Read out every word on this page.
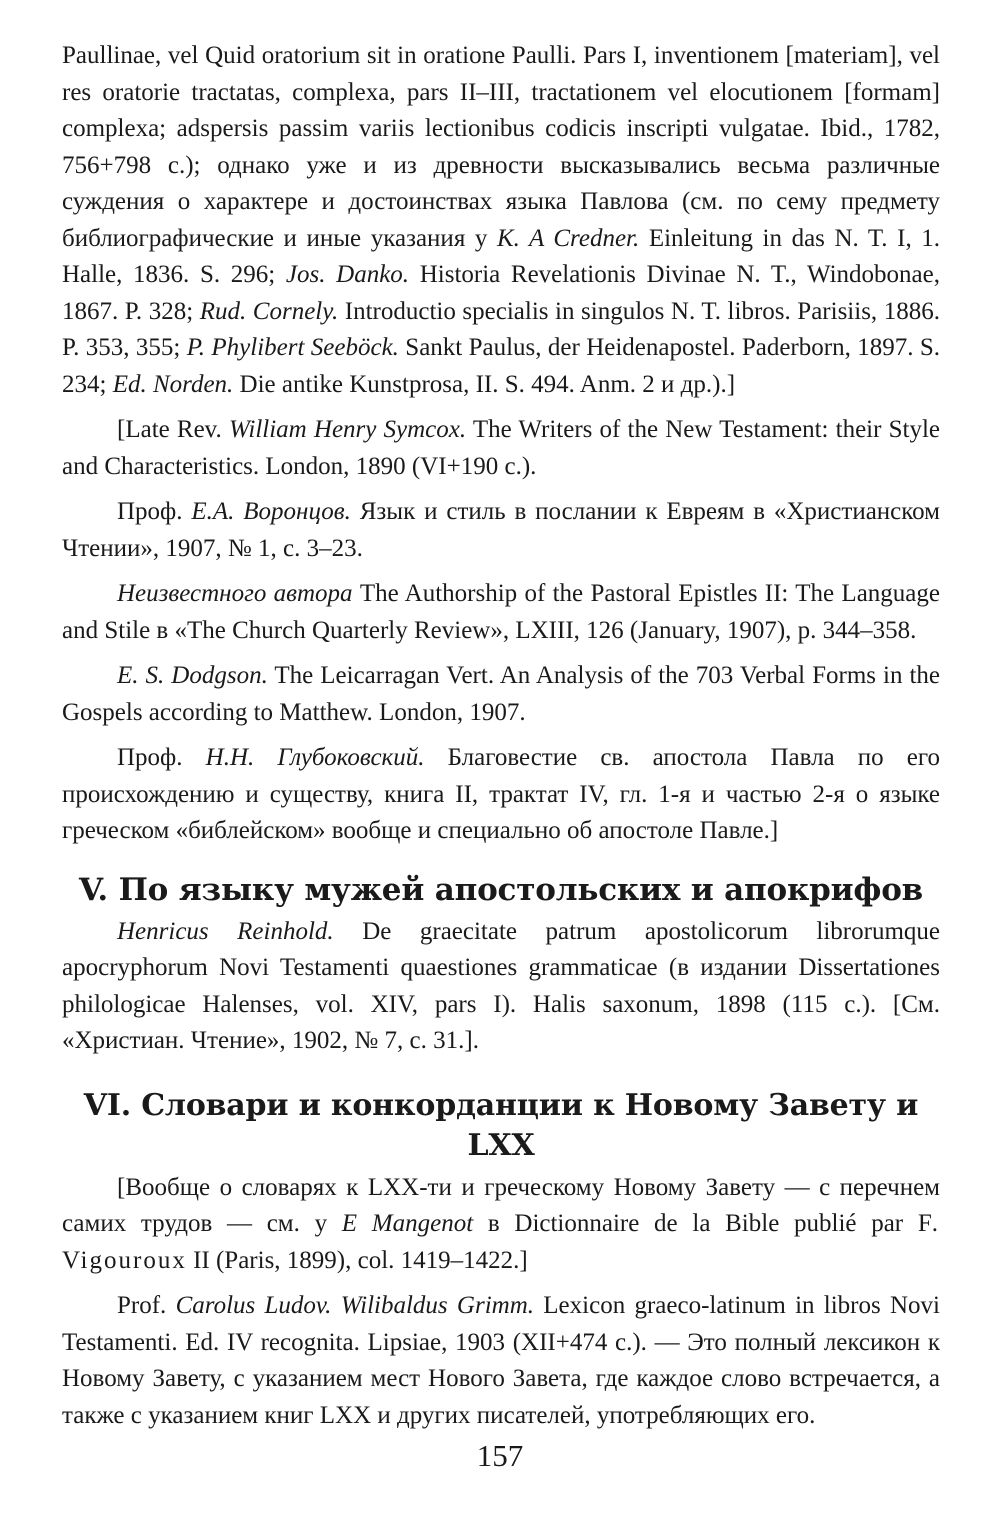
Paullinae, vel Quid oratorium sit in oratione Paulli. Pars I, inventionem [materiam], vel res oratorie tractatas, complexa, pars II–III, tractationem vel elocutionem [formam] complexa; adspersis passim variis lectionibus codicis inscripti vulgatae. Ibid., 1782, 756+798 с.); однако уже и из древности высказывались весьма различные суждения о характере и достоинствах языка Павлова (см. по сему предмету библиографические и иные указания у K. A Credner. Einleitung in das N. T. I, 1. Halle, 1836. S. 296; Jos. Danko. Historia Revelationis Divinae N. T., Windobonae, 1867. P. 328; Rud. Cornely. Introductio specialis in singulos N. T. libros. Parisiis, 1886. P. 353, 355; P. Phylibert Seeböck. Sankt Paulus, der Heidenapostel. Paderborn, 1897. S. 234; Ed. Norden. Die antike Kunstprosa, II. S. 494. Anm. 2 и др.).]

[Late Rev. William Henry Symcox. The Writers of the New Testament: their Style and Characteristics. London, 1890 (VI+190 с.).

Проф. Е.А. Воронцов. Язык и стиль в послании к Евреям в «Христианском Чтении», 1907, № 1, с. 3–23.

Неизвестного автора The Authorship of the Pastoral Epistles II: The Language and Stile в «The Church Quarterly Review», LXIII, 126 (January, 1907), p. 344–358.

E. S. Dodgson. The Leicarragan Vert. An Analysis of the 703 Verbal Forms in the Gospels according to Matthew. London, 1907.

Проф. Н.Н. Глубоковский. Благовестие св. апостола Павла по его происхождению и существу, книга II, трактат IV, гл. 1-я и частью 2-я о языке греческом «библейском» вообще и специально об апостоле Павле.]

V. По языку мужей апостольских и апокрифов

Henricus Reinhold. De graecitate patrum apostolicorum librorumque apocryphorum Novi Testamenti quaestiones grammaticae (в издании Dissertationes philologicae Halenses, vol. XIV, pars I). Halis saxonum, 1898 (115 с.). [См. «Христиан. Чтение», 1902, № 7, с. 31.].

VI. Словари и конкорданции к Новому Завету и LXX

[Вообще о словарях к LXX-ти и греческому Новому Завету — с перечнем самих трудов — см. у E Mangenot в Dictionnaire de la Bible publié par F. Vigouroux II (Paris, 1899), col. 1419–1422.]

Prof. Carolus Ludov. Wilibaldus Grimm. Lexicon graeco-latinum in libros Novi Testamenti. Ed. IV recognita. Lipsiae, 1903 (XII+474 с.). — Это полный лексикон к Новому Завету, с указанием мест Нового Завета, где каждое слово встречается, а также с указанием книг LXX и других писателей, употребляющих его.

157
